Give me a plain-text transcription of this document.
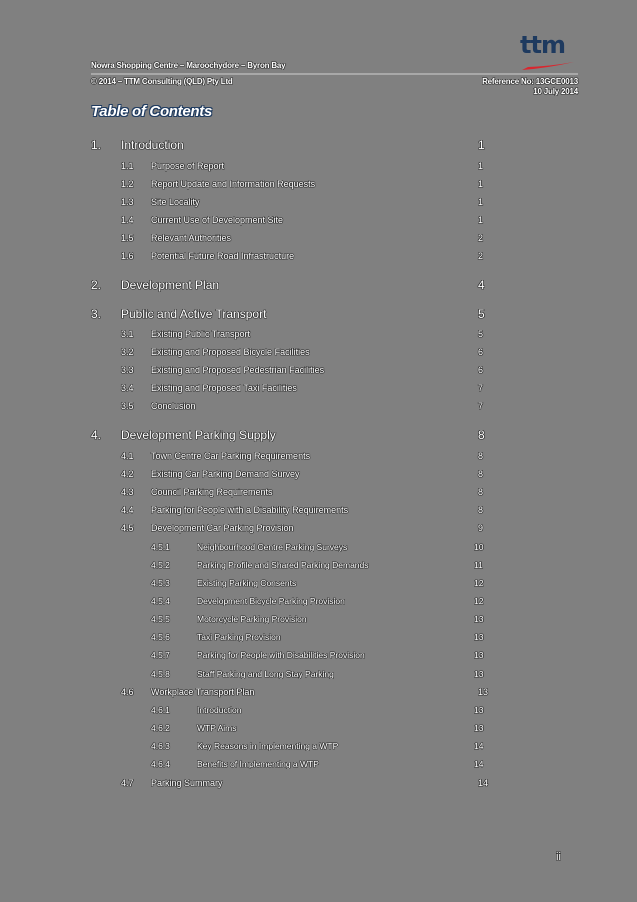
Nowra Shopping Centre – Maroochydore – Byron Bay
© 2014 – TTM Consulting (QLD) Pty Ltd	Reference No: 13GCE0013
10 July 2014
ttm
Table of Contents
1. Introduction	1
1.1 Purpose of Report	1
1.2 Report Update and Information Requests	1
1.3 Site Locality	1
1.4 Current Use of Development Site	1
1.5 Relevant Authorities	2
1.6 Potential Future Road Infrastructure	2
2. Development Plan	4
3. Public and Active Transport	5
3.1 Existing Public Transport	5
3.2 Existing and Proposed Bicycle Facilities	6
3.3 Existing and Proposed Pedestrian Facilities	6
3.4 Existing and Proposed Taxi Facilities	7
3.5 Conclusion	7
4. Development Parking Supply	8
4.1 Town Centre Car Parking Requirements	8
4.2 Existing Car Parking Demand Survey	8
4.3 Council Parking Requirements	8
4.4 Parking for People with a Disability Requirements	8
4.5 Development Car Parking Provision	9
4.5.1	Neighbourhood Centre Parking Surveys	10
4.5.2	Parking Profile and Shared Parking Demands	11
4.5.3	Existing Parking Consents	12
4.5.4	Development Bicycle Parking Provision	12
4.5.5	Motorcycle Parking Provision	13
4.5.6	Taxi Parking Provision	13
4.5.7	Parking for People with Disabilities Provision	13
4.5.8	Staff Parking and Long Stay Parking	13
4.6 Workplace Transport Plan	13
4.6.1	Introduction	13
4.6.2	WTP Aims	13
4.6.3	Key Reasons in Implementing a WTP	14
4.6.4	Benefits of Implementing a WTP	14
4.7 Parking Summary	14
ii
